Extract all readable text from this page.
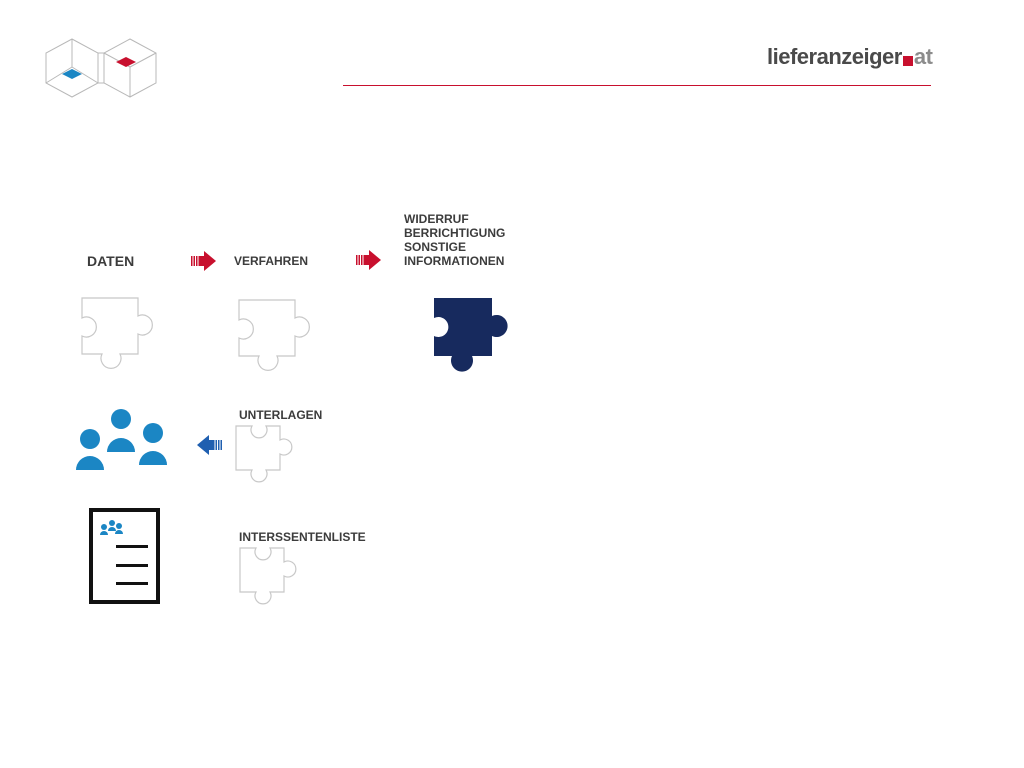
lieferanzeiger at
DATEN	VERFAHREN
WIDERRUF
BERRICHTIGUNG
SONSTIGE
INFORMATIONEN
UNTERLAGEN
INTERSSENTENLISTE
